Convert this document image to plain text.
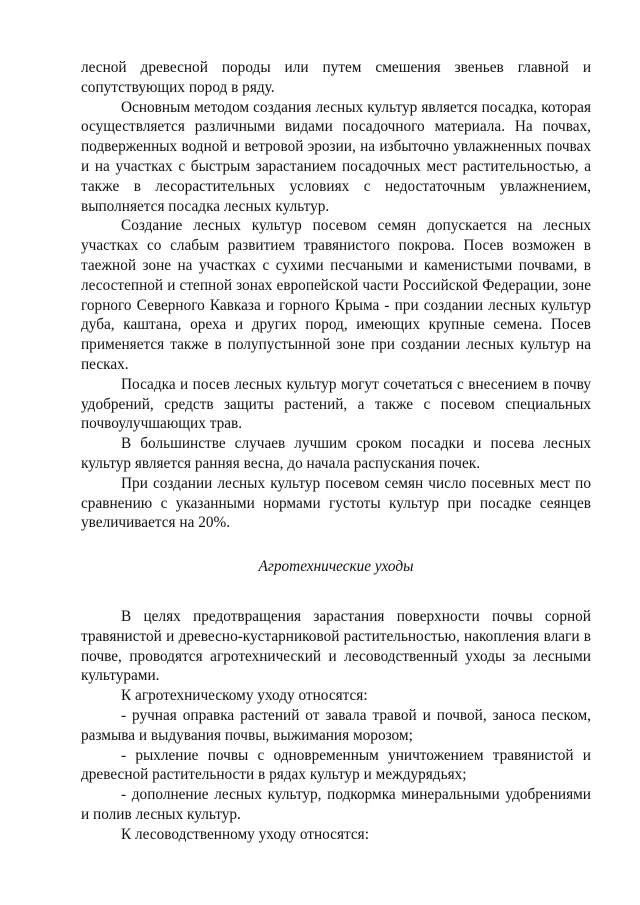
лесной древесной породы или путем смешения звеньев главной и сопутствующих пород в ряду.

Основным методом создания лесных культур является посадка, которая осуществляется различными видами посадочного материала. На почвах, подверженных водной и ветровой эрозии, на избыточно увлажненных почвах и на участках с быстрым зарастанием посадочных мест растительностью, а также в лесорастительных условиях с недостаточным увлажнением, выполняется посадка лесных культур.

Создание лесных культур посевом семян допускается на лесных участках со слабым развитием травянистого покрова. Посев возможен в таежной зоне на участках с сухими песчаными и каменистыми почвами, в лесостепной и степной зонах европейской части Российской Федерации, зоне горного Северного Кавказа и горного Крыма - при создании лесных культур дуба, каштана, ореха и других пород, имеющих крупные семена. Посев применяется также в полупустынной зоне при создании лесных культур на песках.

Посадка и посев лесных культур могут сочетаться с внесением в почву удобрений, средств защиты растений, а также с посевом специальных почвоулучшающих трав.

В большинстве случаев лучшим сроком посадки и посева лесных культур является ранняя весна, до начала распускания почек.

При создании лесных культур посевом семян число посевных мест по сравнению с указанными нормами густоты культур при посадке сеянцев увеличивается на 20%.

Агротехнические уходы

В целях предотвращения зарастания поверхности почвы сорной травянистой и древесно-кустарниковой растительностью, накопления влаги в почве, проводятся агротехнический и лесоводственный уходы за лесными культурами.

К агротехническому уходу относятся:

- ручная оправка растений от завала травой и почвой, заноса песком, размыва и выдувания почвы, выжимания морозом;

- рыхление почвы с одновременным уничтожением травянистой и древесной растительности в рядах культур и междурядьях;

- дополнение лесных культур, подкормка минеральными удобрениями и полив лесных культур.

К лесоводственному уходу относятся:
